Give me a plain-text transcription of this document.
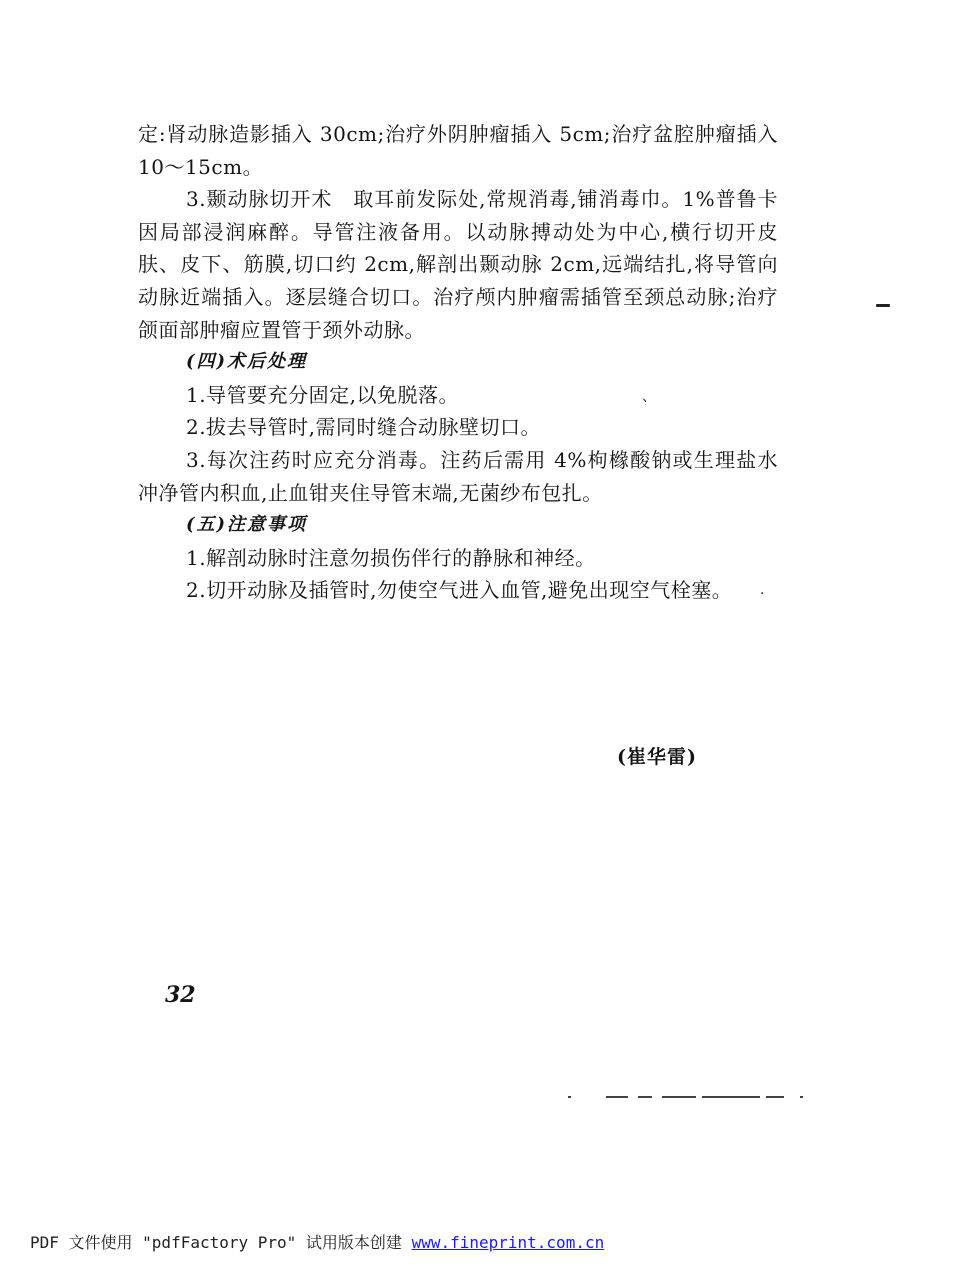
定:肾动脉造影插入 30cm;治疗外阴肿瘤插入 5cm;治疗盆腔肿瘤插入 10～15cm。

3.颞动脉切开术　取耳前发际处,常规消毒,铺消毒巾。1%普鲁卡因局部浸润麻醉。导管注液备用。以动脉搏动处为中心,横行切开皮肤、皮下、筋膜,切口约 2cm,解剖出颞动脉 2cm,远端结扎,将导管向动脉近端插入。逐层缝合切口。治疗颅内肿瘤需插管至颈总动脉;治疗颌面部肿瘤应置管于颈外动脉。

(四)术后处理

1.导管要充分固定,以免脱落。

2.拔去导管时,需同时缝合动脉壁切口。

3.每次注药时应充分消毒。注药后需用 4%枸橼酸钠或生理盐水冲净管内积血,止血钳夹住导管末端,无菌纱布包扎。

(五)注意事项

1.解剖动脉时注意勿损伤伴行的静脉和神经。

2.切开动脉及插管时,勿使空气进入血管,避免出现空气栓塞。

、
.
(崔华雷)
32
PDF 文件使用 "pdfFactory Pro" 试用版本创建 www.fineprint.com.cn
